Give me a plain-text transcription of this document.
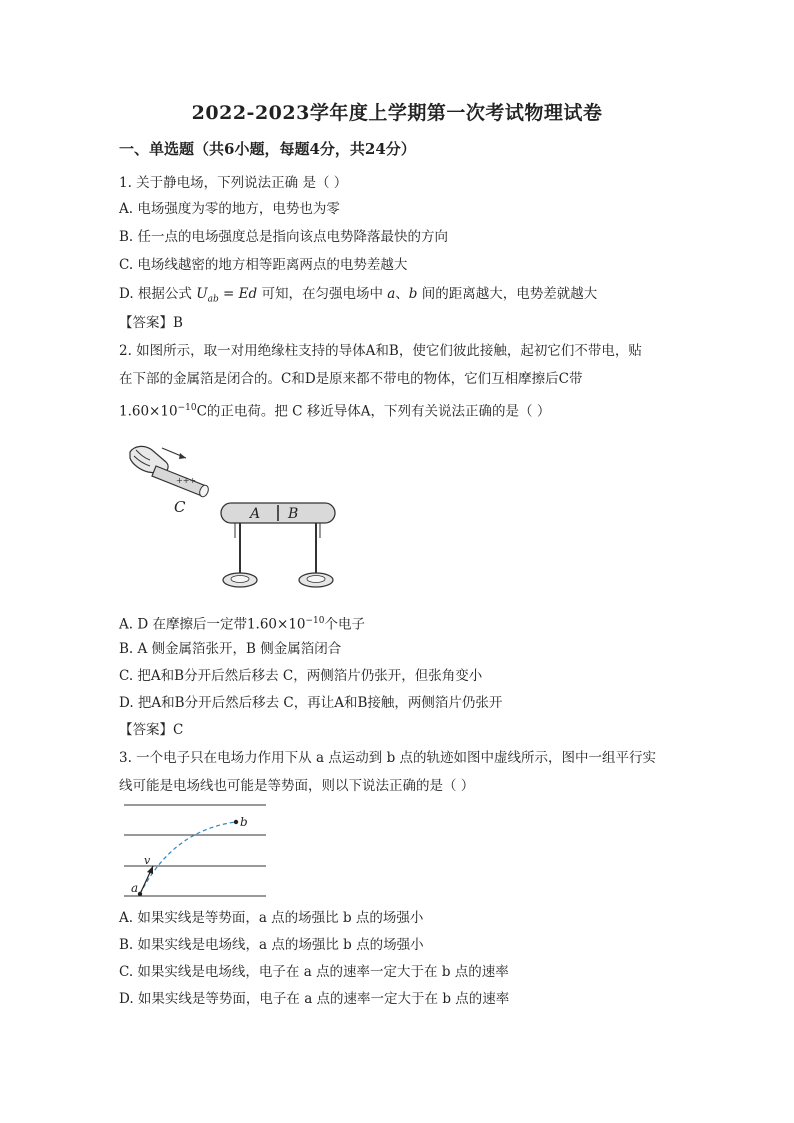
2022-2023学年度上学期第一次考试物理试卷
一、单选题（共6小题，每题4分，共24分）
1. 关于静电场，下列说法正确 是（ ）
A. 电场强度为零的地方，电势也为零
B. 任一点的电场强度总是指向该点电势降落最快的方向
C. 电场线越密的地方相等距离两点的电势差越大
D. 根据公式 $U_{ab} = Ed$ 可知，在匀强电场中 a、b 间的距离越大，电势差就越大
【答案】B
2. 如图所示，取一对用绝缘柱支持的导体A和B，使它们彼此接触，起初它们不带电，贴
在下部的金属箔是闭合的。C和D是原来都不带电的物体，它们互相摩擦后C带
$1.60\times 10^{-10}C$的正电荷。把 C 移近导体A，下列有关说法正确的是（ ）
+++
C	A B
A. D 在摩擦后一定带$1.60\times 10^{-10}$个电子
B. A 侧金属箔张开，B 侧金属箔闭合
C. 把A和B分开后然后移去 C，两侧箔片仍张开，但张角变小
D. 把A和B分开后然后移去 C，再让A和B接触，两侧箔片仍张开
【答案】C
3. 一个电子只在电场力作用下从 a 点运动到 b 点的轨迹如图中虚线所示，图中一组平行实
线可能是电场线也可能是等势面，则以下说法正确的是（ ）
a
b
v
A. 如果实线是等势面，a 点的场强比 b 点的场强小
B. 如果实线是电场线，a 点的场强比 b 点的场强小
C. 如果实线是电场线，电子在 a 点的速率一定大于在 b 点的速率
D. 如果实线是等势面，电子在 a 点的速率一定大于在 b 点的速率
